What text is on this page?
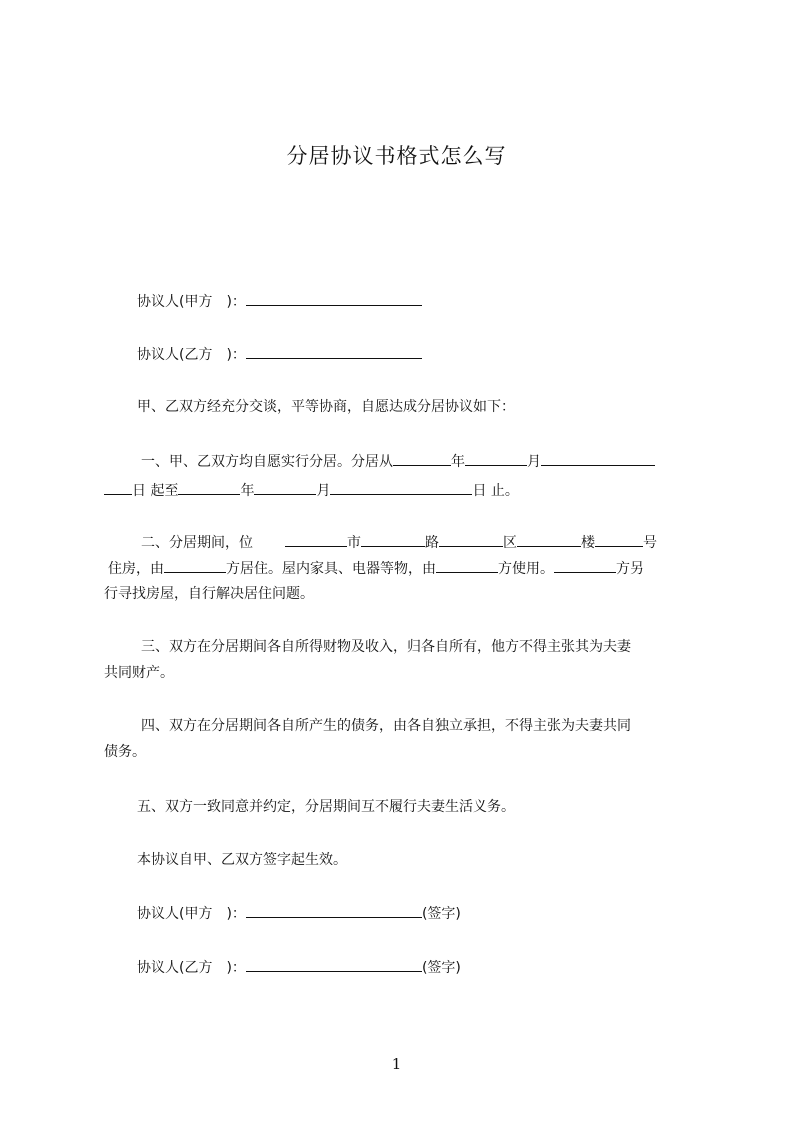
分居协议书格式怎么写
协议人(甲方　)：
协议人(乙方　)：
甲、乙双方经充分交谈，平等协商，自愿达成分居协议如下：
一、甲、乙双方均自愿实行分居。分居从	年	月
日 起至	年	月	日 止。
二、分居期间，位	市	路	区	楼	号
住房，由	方居住。屋内家具、电器等物，由	方使用。	方另
行寻找房屋，自行解决居住问题。
三、双方在分居期间各自所得财物及收入，归各自所有，他方不得主张其为夫妻
共同财产。
四、双方在分居期间各自所产生的债务，由各自独立承担，不得主张为夫妻共同
债务。
五、双方一致同意并约定，分居期间互不履行夫妻生活义务。
本协议自甲、乙双方签字起生效。
协议人(甲方　)：	(签字)
协议人(乙方　)：	(签字)
1
